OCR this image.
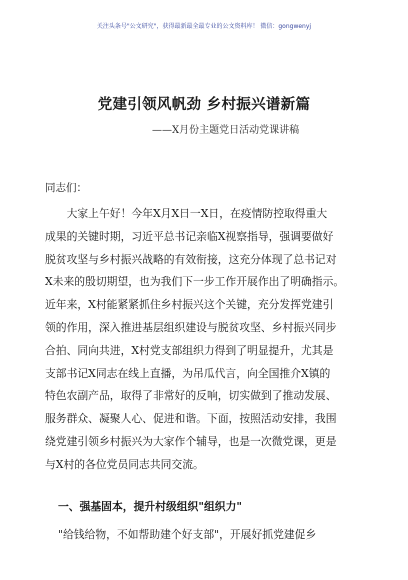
关注头条号"公文研究"，获得最新最全最专业的公文资料库！ 微信：gongwenyj
党建引领风帆劲 乡村振兴谱新篇
——X月份主题党日活动党课讲稿
同志们：
　　大家上午好！今年X月X日一X日，在疫情防控取得重大
成果的关键时期，习近平总书记亲临X视察指导，强调要做好
脱贫攻坚与乡村振兴战略的有效衔接，这充分体现了总书记对
X未来的殷切期望，也为我们下一步工作开展作出了明确指示。
近年来，X村能紧紧抓住乡村振兴这个关键，充分发挥党建引
领的作用，深入推进基层组织建设与脱贫攻坚、乡村振兴同步
合拍、同向共进，X村党支部组织力得到了明显提升，尤其是
支部书记X同志在线上直播，为吊瓜代言，向全国推介X镇的
特色农副产品，取得了非常好的反响，切实做到了推动发展、
服务群众、凝聚人心、促进和谐。下面，按照活动安排，我围
绕党建引领乡村振兴为大家作个辅导，也是一次微党课，更是
与X村的各位党员同志共同交流。
一、强基固本，提升村级组织"组织力"
"给钱给物，不如帮助建个好支部"，开展好抓党建促乡
